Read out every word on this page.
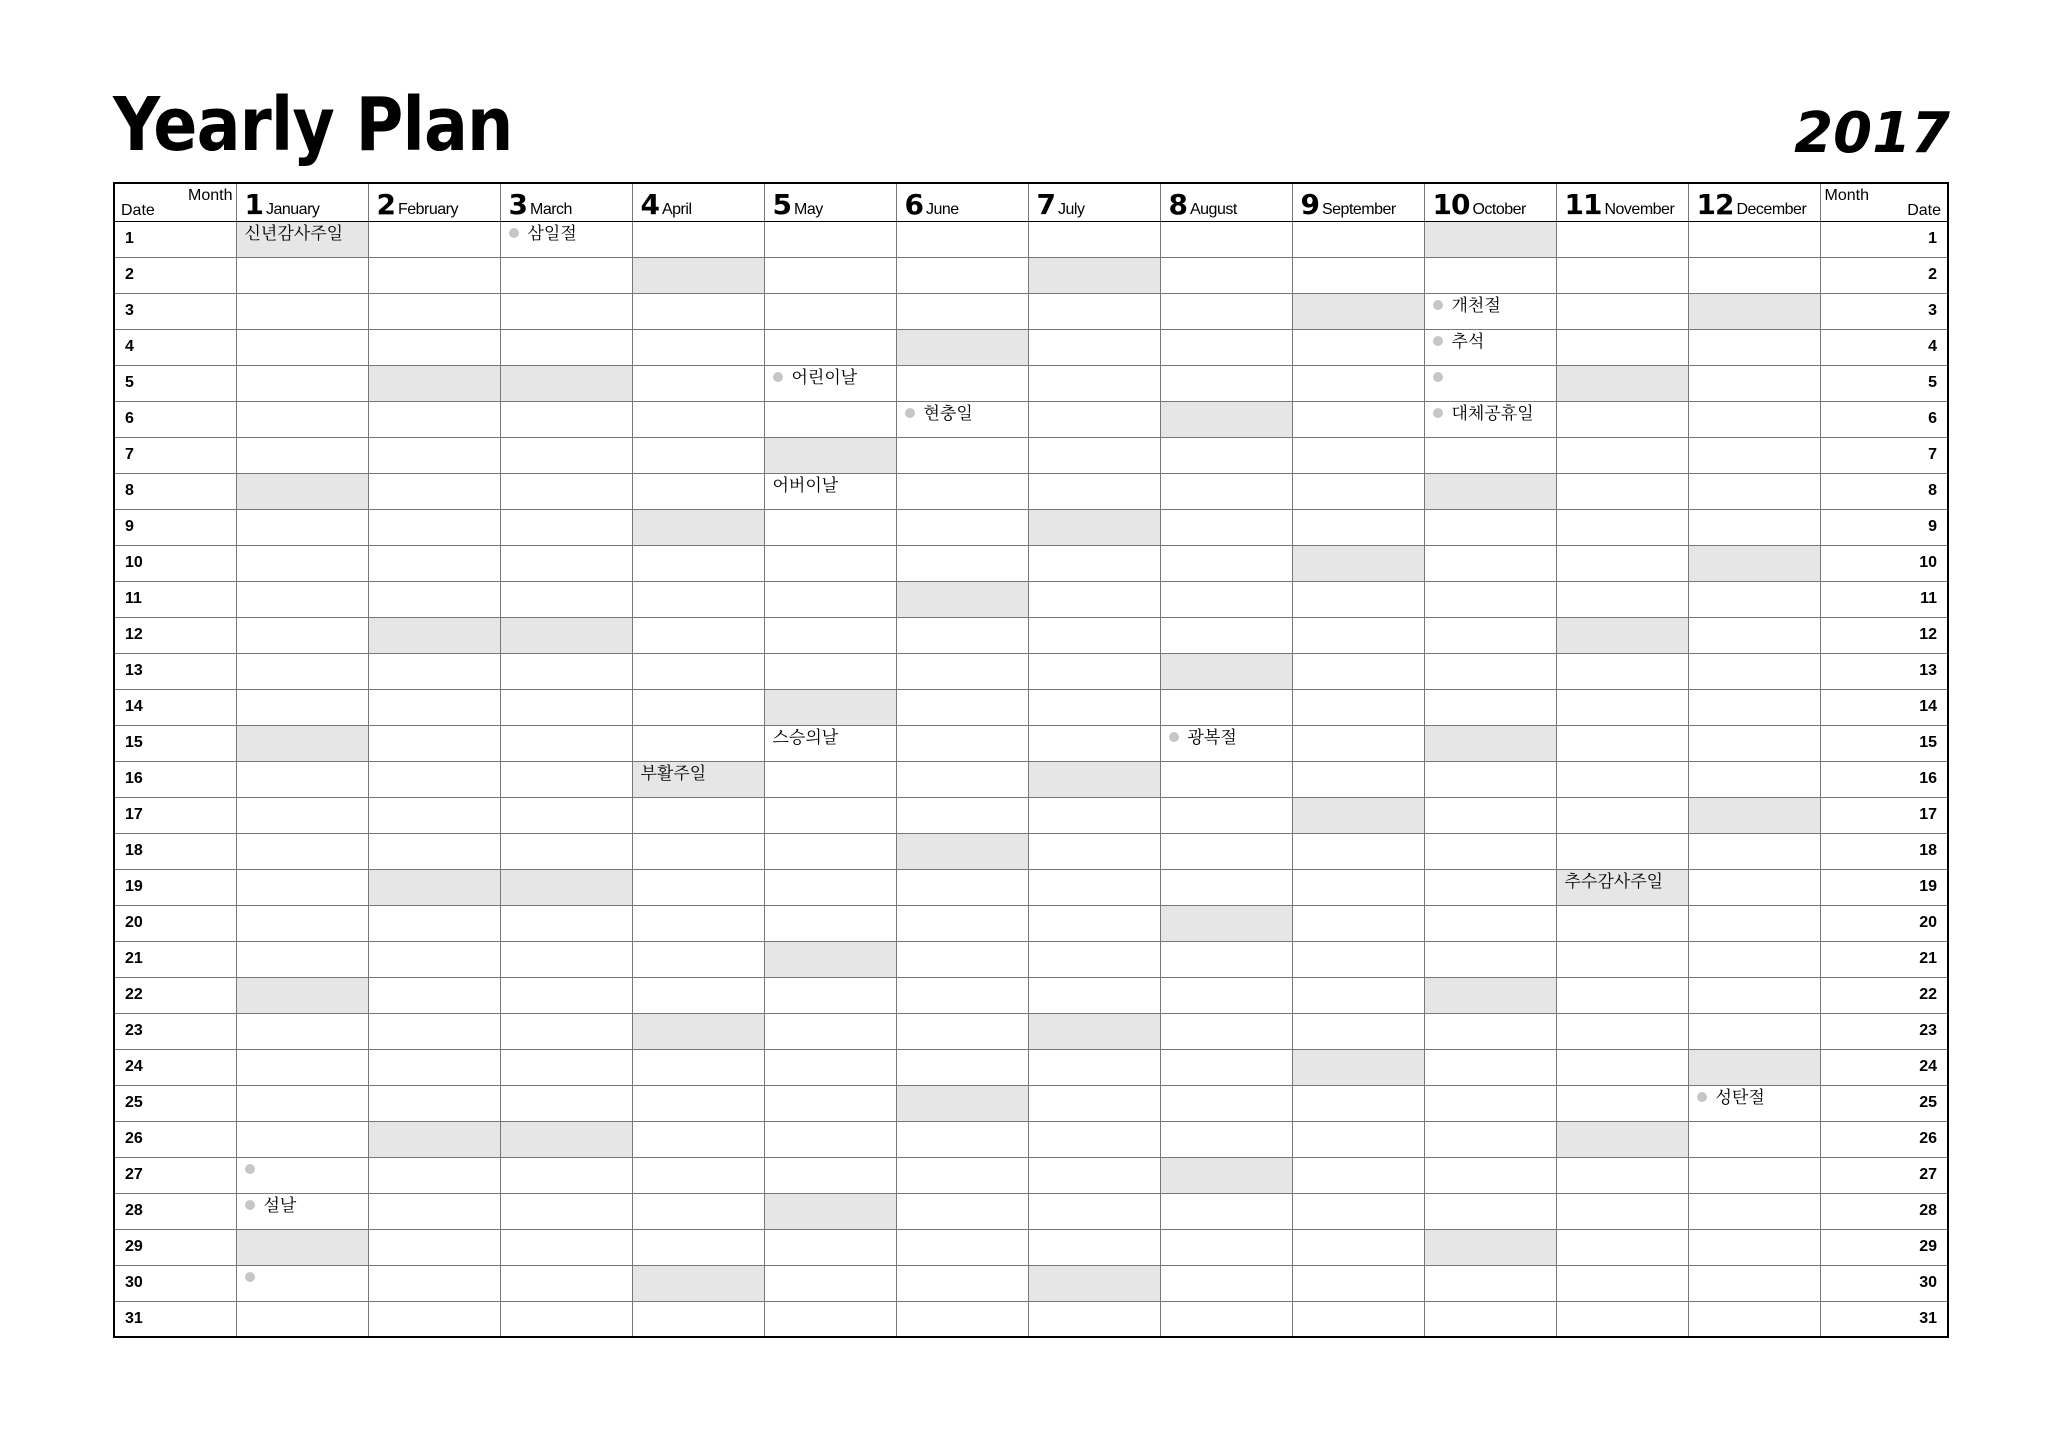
Yearly Plan	2017
Month
Date	1 January	2 February	3 March	4 April	5 May	6 June	7 July	8 August	9 September	10 October	11 November	12 December	Month
Date

1	신년감사주일		삼일절										1
2													2
3										개천절			3
4										추석			4
5					어린이날								5
6						현충일				대체공휴일			6
7													7
8					어버이날								8
9													9
10													10
11													11
12													12
13													13
14													14
15					스승의날			광복절					15
16				부활주일									16
17													17
18													18
19											추수감사주일		19
20													20
21													21
22													22
23													23
24													24
25												성탄절	25
26													26
27													27
28	설날												28
29													29
30													30
31													31
